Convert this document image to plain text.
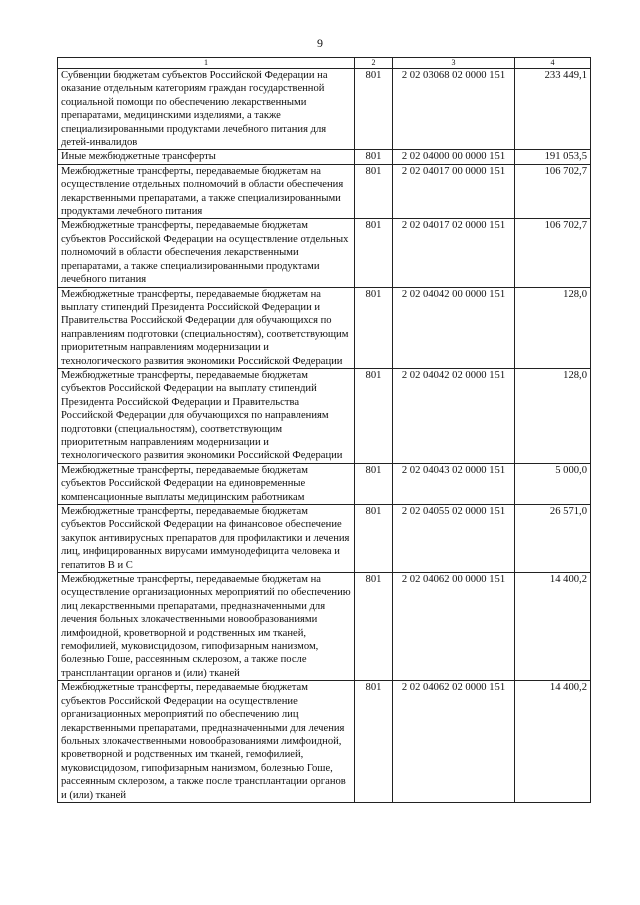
9
1	2	3	4
Субвенции бюджетам субъектов Российской Федерации на оказание отдельным категориям граждан государственной социальной помощи по обеспечению лекарственными препаратами, медицинскими изделиями, а также специализированными продуктами лечебного питания для детей-инвалидов	801	2 02 03068 02 0000 151	233 449,1
Иные межбюджетные трансферты	801	2 02 04000 00 0000 151	191 053,5
Межбюджетные трансферты, передаваемые бюджетам на осуществление отдельных полномочий в области обеспечения лекарственными препаратами, а также специализированными продуктами лечебного питания	801	2 02 04017 00 0000 151	106 702,7
Межбюджетные трансферты, передаваемые бюджетам субъектов Российской Федерации на осуществление отдельных полномочий в области обеспечения лекарственными препаратами, а также специализированными продуктами лечебного питания	801	2 02 04017 02 0000 151	106 702,7
Межбюджетные трансферты, передаваемые бюджетам на выплату стипендий Президента Российской Федерации и Правительства Российской Федерации для обучающихся по направлениям подготовки (специальностям), соответствующим приоритетным направлениям модернизации и технологического развития экономики Российской Федерации	801	2 02 04042 00 0000 151	128,0
Межбюджетные трансферты, передаваемые бюджетам субъектов Российской Федерации на выплату стипендий Президента Российской Федерации и Правительства Российской Федерации для обучающихся по направлениям подготовки (специальностям), соответствующим приоритетным направлениям модернизации и технологического развития экономики Российской Федерации	801	2 02 04042 02 0000 151	128,0
Межбюджетные трансферты, передаваемые бюджетам субъектов Российской Федерации на единовременные компенсационные выплаты медицинским работникам	801	2 02 04043 02 0000 151	5 000,0
Межбюджетные трансферты, передаваемые бюджетам субъектов Российской Федерации на финансовое обеспечение закупок антивирусных препаратов для профилактики и лечения лиц, инфицированных вирусами иммунодефицита человека и гепатитов В и С	801	2 02 04055 02 0000 151	26 571,0
Межбюджетные трансферты, передаваемые бюджетам на осуществление организационных мероприятий по обеспечению лиц лекарственными препаратами, предназначенными для лечения больных злокачественными новообразованиями лимфоидной, кроветворной и родственных им тканей, гемофилией, муковисцидозом, гипофизарным нанизмом, болезнью Гоше, рассеянным склерозом, а также после трансплантации органов и (или) тканей	801	2 02 04062 00 0000 151	14 400,2
Межбюджетные трансферты, передаваемые бюджетам субъектов Российской Федерации на осуществление организационных мероприятий по обеспечению лиц лекарственными препаратами, предназначенными для лечения больных злокачественными новообразованиями лимфоидной, кроветворной и родственных им тканей, гемофилией, муковисцидозом, гипофизарным нанизмом, болезнью Гоше, рассеянным склерозом, а также после трансплантации органов и (или) тканей	801	2 02 04062 02 0000 151	14 400,2
